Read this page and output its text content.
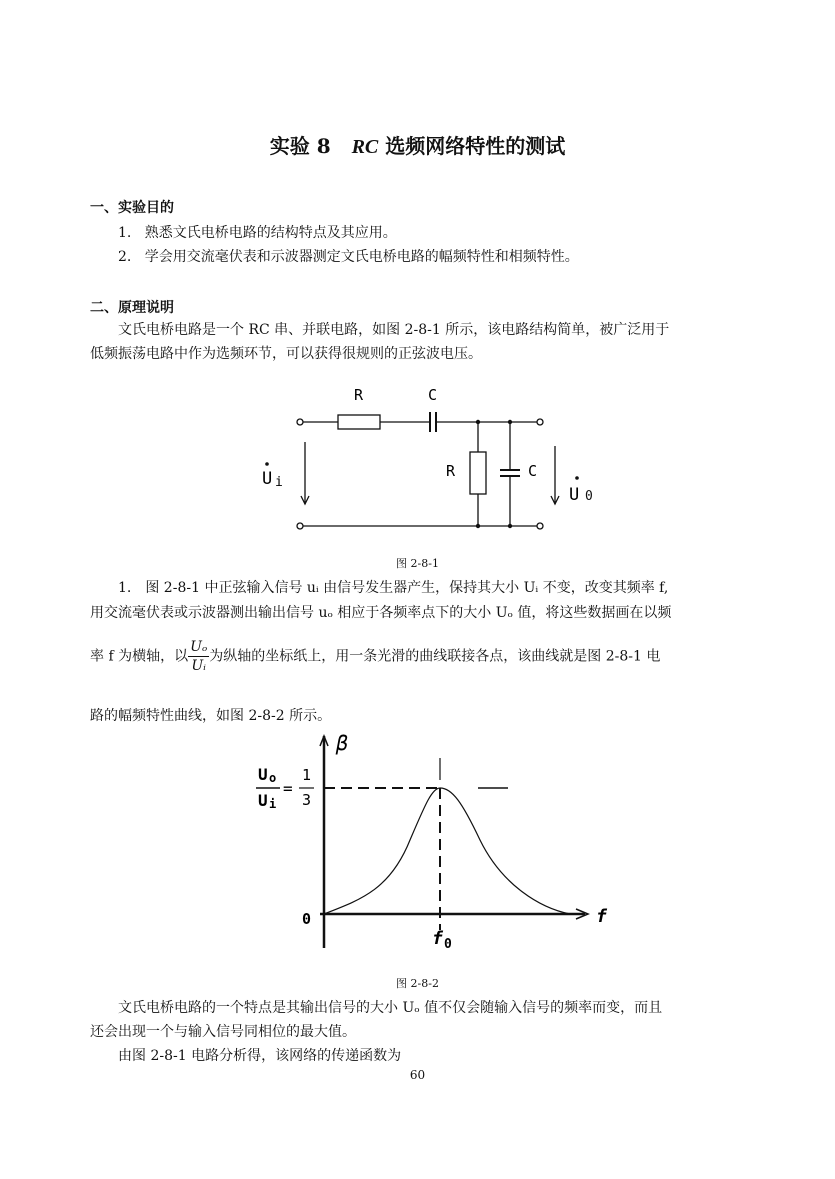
实验 8 RC 选频网络特性的测试
一、实验目的
1. 熟悉文氏电桥电路的结构特点及其应用。
2. 学会用交流毫伏表和示波器测定文氏电桥电路的幅频特性和相频特性。
二、原理说明
文氏电桥电路是一个 RC 串、并联电路，如图 2-8-1 所示，该电路结构简单，被广泛用于
低频振荡电路中作为选频环节，可以获得很规则的正弦波电压。
R	C
R	C
U i
U 0
图 2-8-1
1.　图 2-8-1 中正弦输入信号 uᵢ 由信号发生器产生，保持其大小 Uᵢ 不变，改变其频率 f,
用交流毫伏表或示波器测出输出信号 uₒ 相应于各频率点下的大小 Uₒ 值，将这些数据画在以频
率 f 为横轴，以 $\frac{\text{Uₒ}}{\text{Uᵢ}}$ 为纵轴的坐标纸上，用一条光滑的曲线联接各点，该曲线就是图 2-8-1 电
路的幅频特性曲线，如图 2-8-2 所示。
β
f
0
f 0
U o
U i
=
1
3
图 2-8-2
文氏电桥电路的一个特点是其输出信号的大小 Uₒ 值不仅会随输入信号的频率而变，而且
还会出现一个与输入信号同相位的最大值。
由图 2-8-1 电路分析得，该网络的传递函数为
60
